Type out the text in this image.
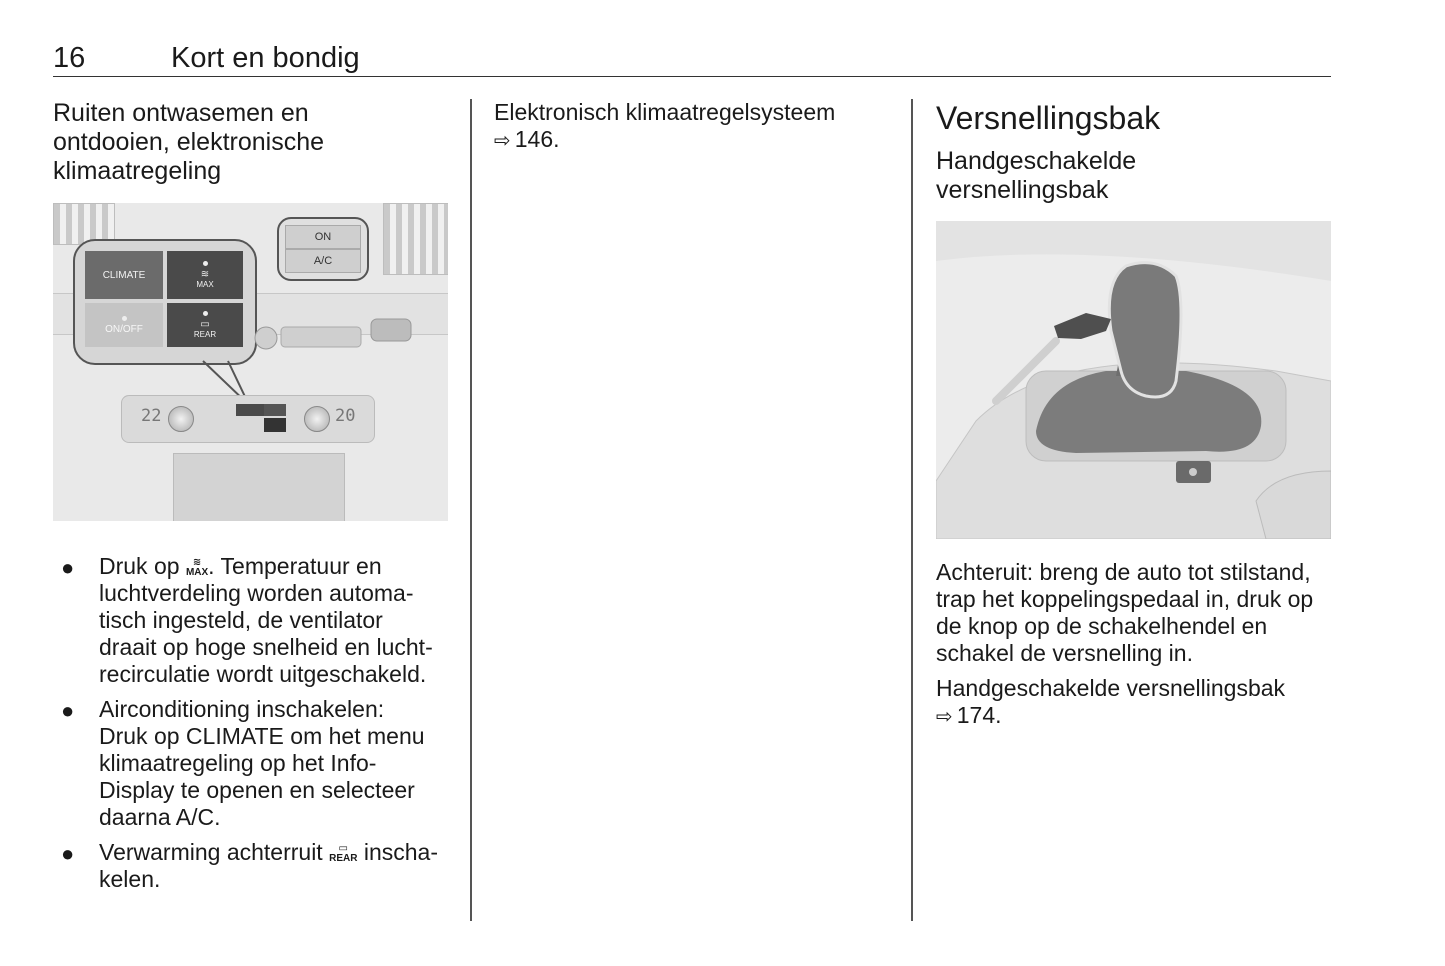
16	Kort en bondig
Ruiten ontwasemen en
ontdooien, elektronische
klimaatregeling
ON
A/C
CLIMATE	≋
MAX
ON/OFF	▭
REAR
22	20
● Druk op ≋
MAX. Temperatuur en
luchtverdeling worden automa-
tisch ingesteld, de ventilator
draait op hoge snelheid en lucht-
recirculatie wordt uitgeschakeld.
● Airconditioning inschakelen:
Druk op CLIMATE om het menu
klimaatregeling op het Info-
Display te openen en selecteer
daarna A/C.
● Verwarming achterruit ▭
REAR inscha-
kelen.

Elektronisch klimaatregelsysteem
⇨ 146.

Versnellingsbak
Handgeschakelde
versnellingsbak

Achteruit: breng de auto tot stilstand,
trap het koppelingspedaal in, druk op
de knop op de schakelhendel en
schakel de versnelling in.

Handgeschakelde versnellingsbak
⇨ 174.
